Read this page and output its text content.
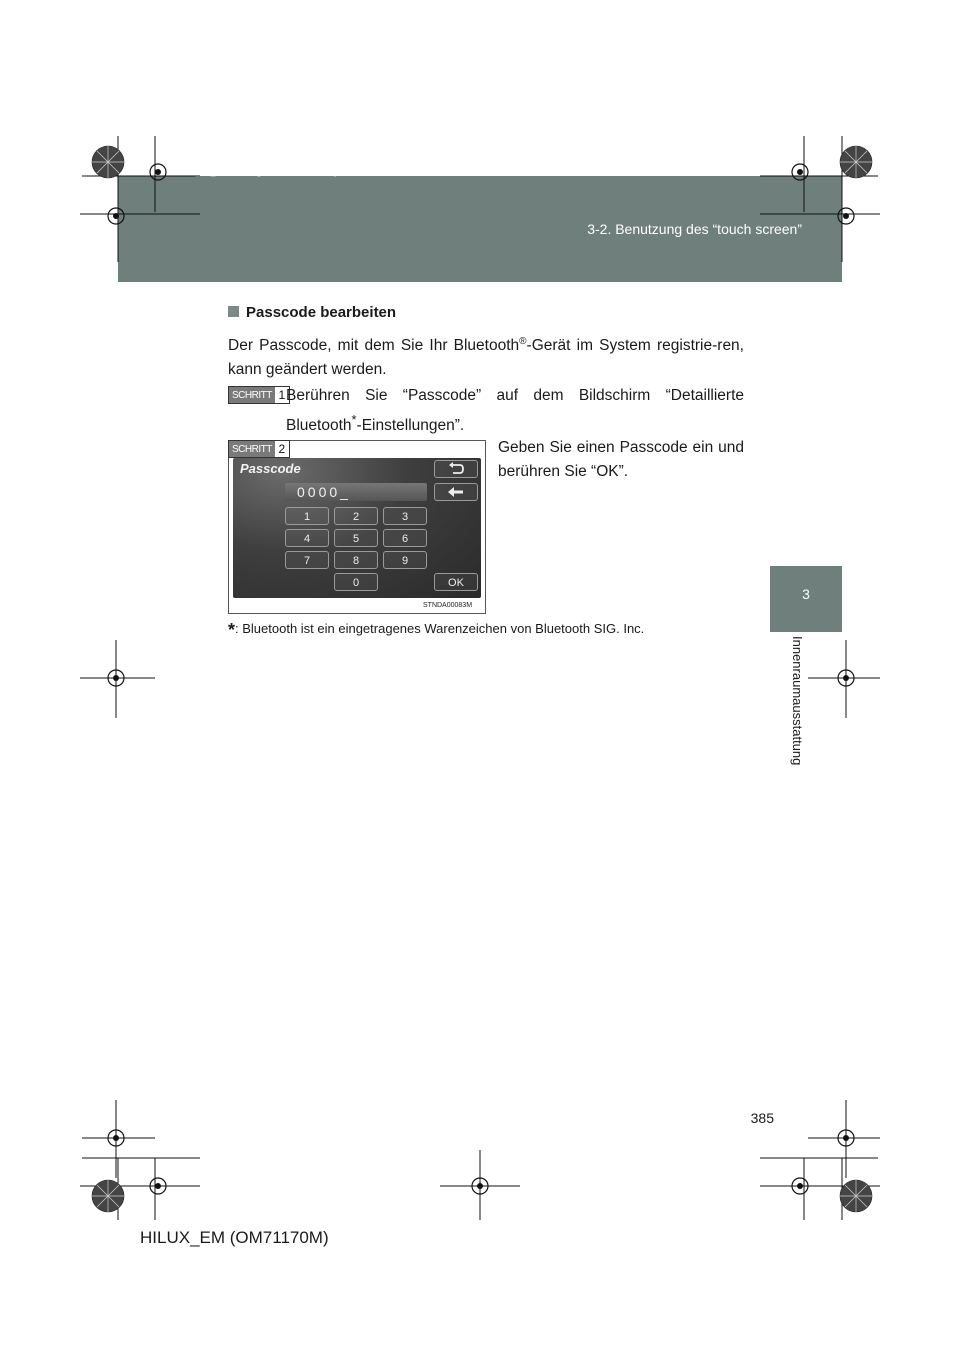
sec_03_02.fm Page 385 Wednesday, March 30, 2011 6:43 PM
3-2. Benutzung des “touch screen”
3
Innenraumausstattung
Passcode bearbeiten
Der Passcode, mit dem Sie Ihr Bluetooth®-Gerät im System registrie-ren, kann geändert werden.
SCHRITT 1 Berühren Sie “Passcode” auf dem Bildschirm “Detaillierte Bluetooth*-Einstellungen”.
SCHRITT 2
Passcode
0000_
1	2	3
4	5	6
7	8	9
0	OK
STNDA00083M
Geben Sie einen Passcode ein und berühren Sie “OK”.
*: Bluetooth ist ein eingetragenes Warenzeichen von Bluetooth SIG. Inc.
385
HILUX_EM (OM71170M)
